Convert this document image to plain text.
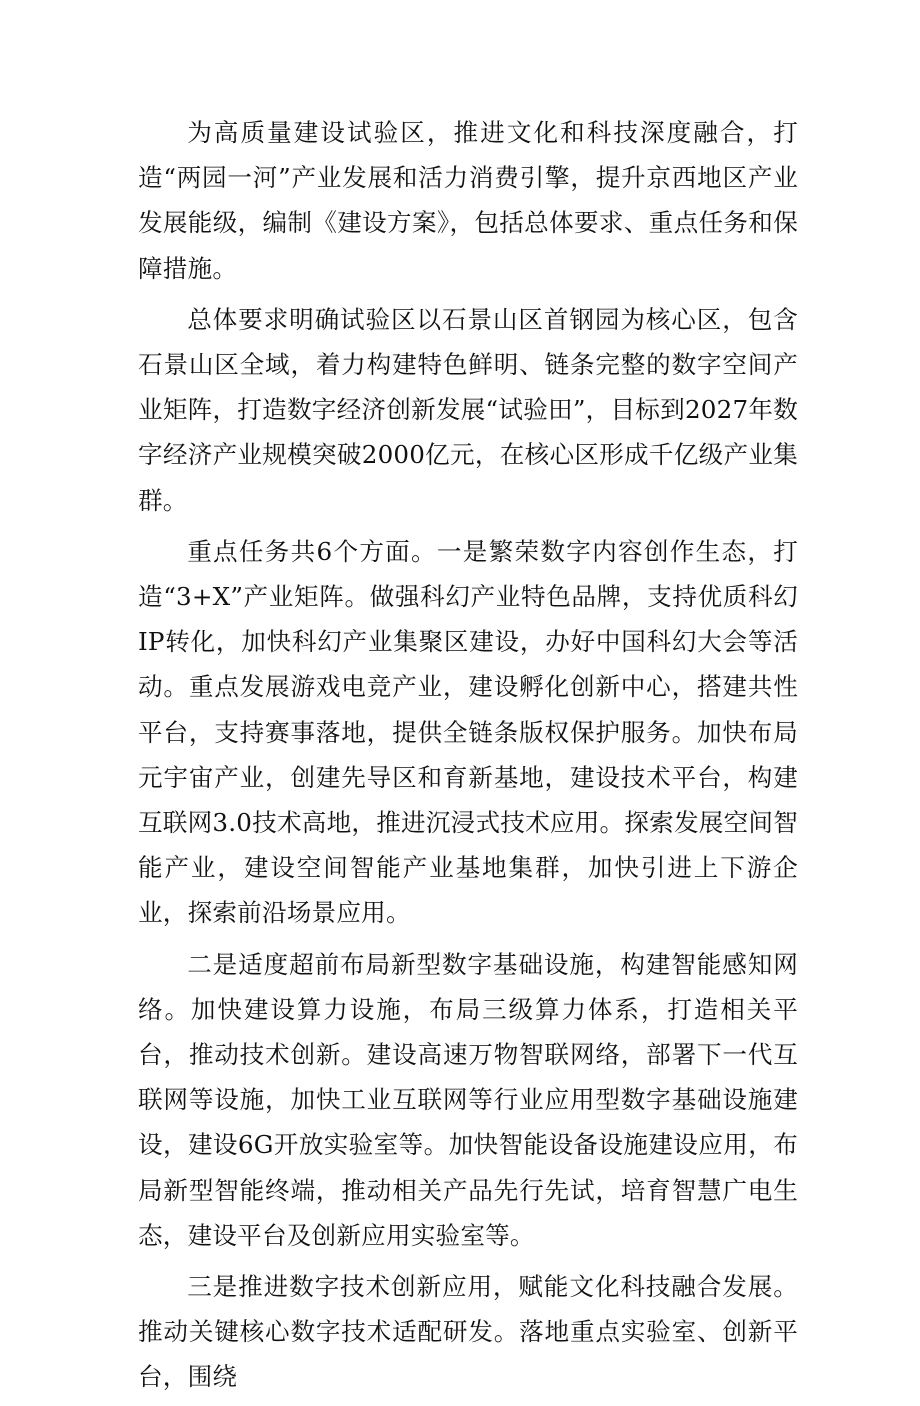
为高质量建设试验区，推进文化和科技深度融合，打造“两园一河”产业发展和活力消费引擎，提升京西地区产业发展能级，编制《建设方案》，包括总体要求、重点任务和保障措施。

总体要求明确试验区以石景山区首钢园为核心区，包含石景山区全域，着力构建特色鲜明、链条完整的数字空间产业矩阵，打造数字经济创新发展“试验田”，目标到2027年数字经济产业规模突破2000亿元，在核心区形成千亿级产业集群。

重点任务共6个方面。一是繁荣数字内容创作生态，打造“3+X”产业矩阵。做强科幻产业特色品牌，支持优质科幻IP转化，加快科幻产业集聚区建设，办好中国科幻大会等活动。重点发展游戏电竞产业，建设孵化创新中心，搭建共性平台，支持赛事落地，提供全链条版权保护服务。加快布局元宇宙产业，创建先导区和育新基地，建设技术平台，构建互联网3.0技术高地，推进沉浸式技术应用。探索发展空间智能产业，建设空间智能产业基地集群，加快引进上下游企业，探索前沿场景应用。

二是适度超前布局新型数字基础设施，构建智能感知网络。加快建设算力设施，布局三级算力体系，打造相关平台，推动技术创新。建设高速万物智联网络，部署下一代互联网等设施，加快工业互联网等行业应用型数字基础设施建设，建设6G开放实验室等。加快智能设备设施建设应用，布局新型智能终端，推动相关产品先行先试，培育智慧广电生态，建设平台及创新应用实验室等。

三是推进数字技术创新应用，赋能文化科技融合发展。推动关键核心数字技术适配研发。落地重点实验室、创新平台，围绕
